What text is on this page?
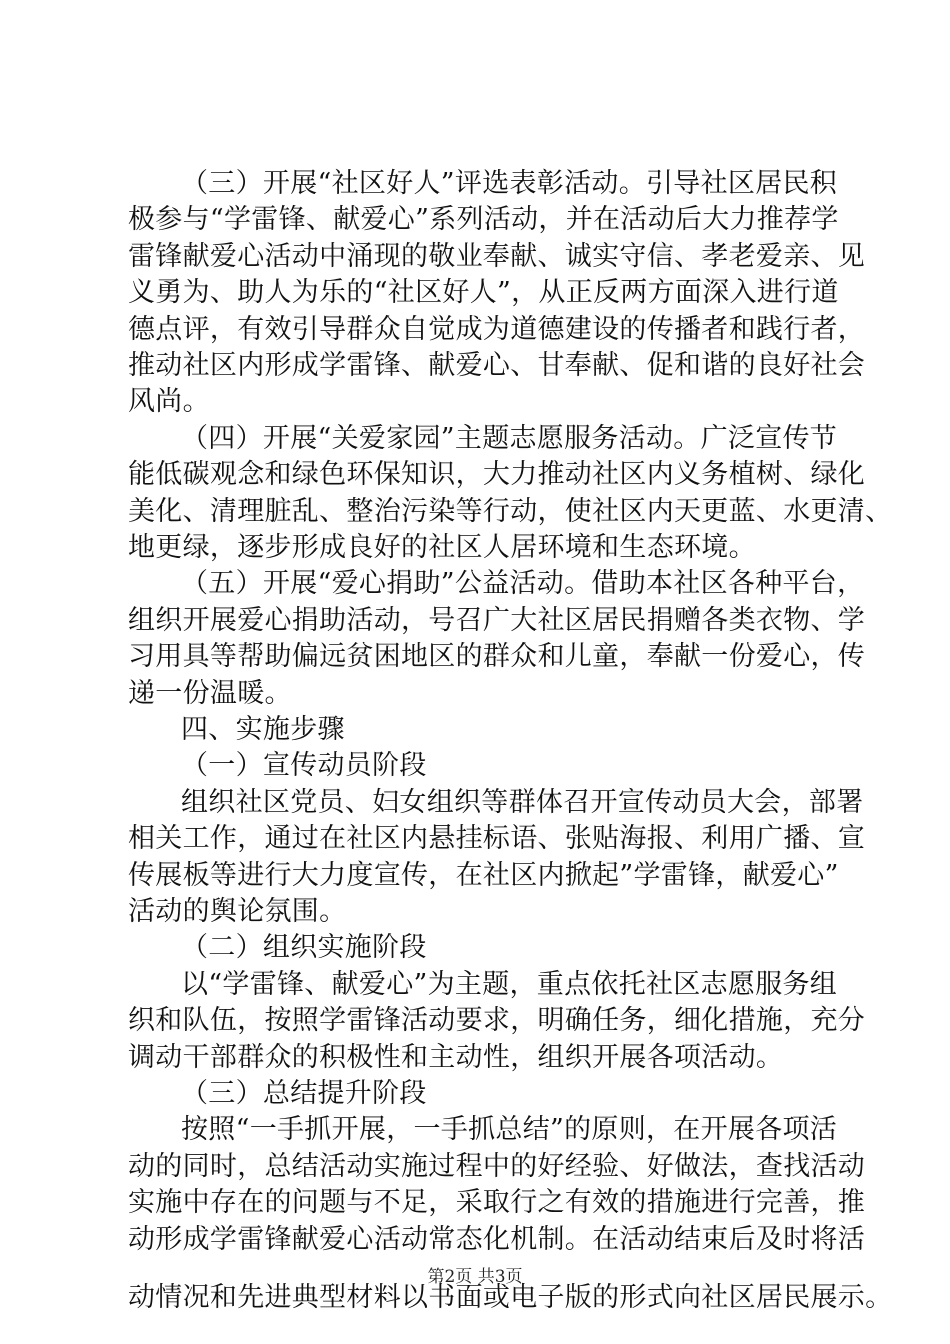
（三）开展“社区好人”评选表彰活动。引导社区居民积
极参与“学雷锋、献爱心”系列活动，并在活动后大力推荐学
雷锋献爱心活动中涌现的敬业奉献、诚实守信、孝老爱亲、见
义勇为、助人为乐的“社区好人”，从正反两方面深入进行道
德点评，有效引导群众自觉成为道德建设的传播者和践行者，
推动社区内形成学雷锋、献爱心、甘奉献、促和谐的良好社会
风尚。
（四）开展“关爱家园”主题志愿服务活动。广泛宣传节
能低碳观念和绿色环保知识，大力推动社区内义务植树、绿化
美化、清理脏乱、整治污染等行动，使社区内天更蓝、水更清、
地更绿，逐步形成良好的社区人居环境和生态环境。
（五）开展“爱心捐助”公益活动。借助本社区各种平台，
组织开展爱心捐助活动，号召广大社区居民捐赠各类衣物、学
习用具等帮助偏远贫困地区的群众和儿童，奉献一份爱心，传
递一份温暖。
四、实施步骤
（一）宣传动员阶段
组织社区党员、妇女组织等群体召开宣传动员大会，部署
相关工作，通过在社区内悬挂标语、张贴海报、利用广播、宣
传展板等进行大力度宣传，在社区内掀起”学雷锋，献爱心”
活动的舆论氛围。
（二）组织实施阶段
以“学雷锋、献爱心”为主题，重点依托社区志愿服务组
织和队伍，按照学雷锋活动要求，明确任务，细化措施，充分
调动干部群众的积极性和主动性，组织开展各项活动。
（三）总结提升阶段
按照“一手抓开展，一手抓总结”的原则，在开展各项活
动的同时，总结活动实施过程中的好经验、好做法，查找活动
实施中存在的问题与不足，采取行之有效的措施进行完善，推
动形成学雷锋献爱心活动常态化机制。在活动结束后及时将活
动情况和先进典型材料以书面或电子版的形式向社区居民展示。
第2页 共3页
